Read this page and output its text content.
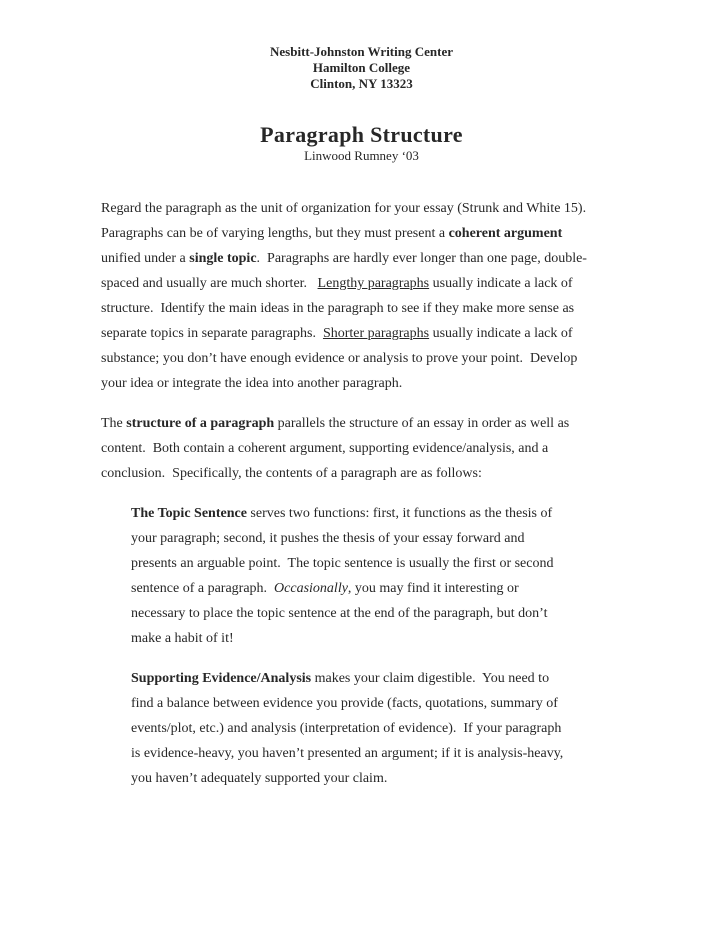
Nesbitt-Johnston Writing Center
Hamilton College
Clinton, NY 13323
Paragraph Structure
Linwood Rumney ‘03
Regard the paragraph as the unit of organization for your essay (Strunk and White 15).
Paragraphs can be of varying lengths, but they must present a coherent argument
unified under a single topic.  Paragraphs are hardly ever longer than one page, double-
spaced and usually are much shorter.   Lengthy paragraphs usually indicate a lack of
structure.  Identify the main ideas in the paragraph to see if they make more sense as
separate topics in separate paragraphs.  Shorter paragraphs usually indicate a lack of
substance; you don’t have enough evidence or analysis to prove your point.  Develop
your idea or integrate the idea into another paragraph.
The structure of a paragraph parallels the structure of an essay in order as well as
content.  Both contain a coherent argument, supporting evidence/analysis, and a
conclusion.  Specifically, the contents of a paragraph are as follows:
The Topic Sentence serves two functions: first, it functions as the thesis of
your paragraph; second, it pushes the thesis of your essay forward and
presents an arguable point.  The topic sentence is usually the first or second
sentence of a paragraph.  Occasionally, you may find it interesting or
necessary to place the topic sentence at the end of the paragraph, but don’t
make a habit of it!
Supporting Evidence/Analysis makes your claim digestible.  You need to
find a balance between evidence you provide (facts, quotations, summary of
events/plot, etc.) and analysis (interpretation of evidence).  If your paragraph
is evidence-heavy, you haven’t presented an argument; if it is analysis-heavy,
you haven’t adequately supported your claim.
